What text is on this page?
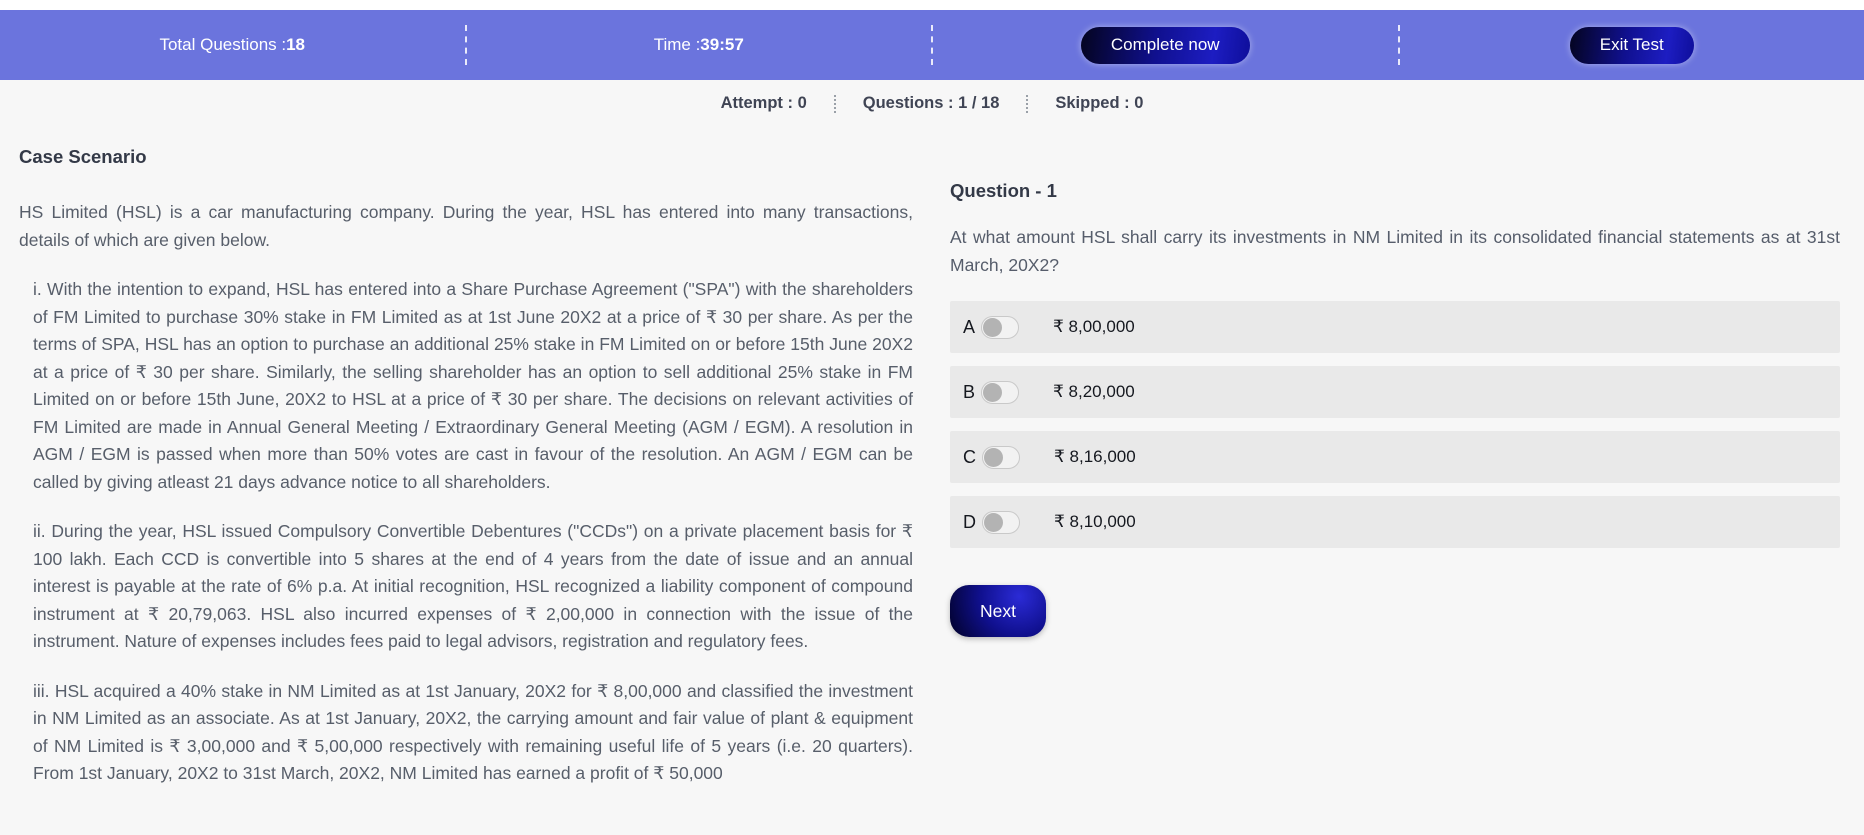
Total Questions : 18	Time : 39:57	Complete now	Exit Test
Attempt : 0	Questions : 1 / 18	Skipped : 0
Case Scenario

HS Limited (HSL) is a car manufacturing company. During the year, HSL has entered into many transactions, details of which are given below.

i. With the intention to expand, HSL has entered into a Share Purchase Agreement ("SPA") with the shareholders of FM Limited to purchase 30% stake in FM Limited as at 1st June 20X2 at a price of ₹ 30 per share. As per the terms of SPA, HSL has an option to purchase an additional 25% stake in FM Limited on or before 15th June 20X2 at a price of ₹ 30 per share. Similarly, the selling shareholder has an option to sell additional 25% stake in FM Limited on or before 15th June, 20X2 to HSL at a price of ₹ 30 per share. The decisions on relevant activities of FM Limited are made in Annual General Meeting / Extraordinary General Meeting (AGM / EGM). A resolution in AGM / EGM is passed when more than 50% votes are cast in favour of the resolution. An AGM / EGM can be called by giving atleast 21 days advance notice to all shareholders.

ii. During the year, HSL issued Compulsory Convertible Debentures ("CCDs") on a private placement basis for ₹ 100 lakh. Each CCD is convertible into 5 shares at the end of 4 years from the date of issue and an annual interest is payable at the rate of 6% p.a. At initial recognition, HSL recognized a liability component of compound instrument at ₹ 20,79,063. HSL also incurred expenses of ₹ 2,00,000 in connection with the issue of the instrument. Nature of expenses includes fees paid to legal advisors, registration and regulatory fees.

iii. HSL acquired a 40% stake in NM Limited as at 1st January, 20X2 for ₹ 8,00,000 and classified the investment in NM Limited as an associate. As at 1st January, 20X2, the carrying amount and fair value of plant & equipment of NM Limited is ₹ 3,00,000 and ₹ 5,00,000 respectively with remaining useful life of 5 years (i.e. 20 quarters). From 1st January, 20X2 to 31st March, 20X2, NM Limited has earned a profit of ₹ 50,000

Question - 1

At what amount HSL shall carry its investments in NM Limited in its consolidated financial statements as at 31st March, 20X2?

A	₹ 8,00,000
B	₹ 8,20,000
C	₹ 8,16,000
D	₹ 8,10,000
Next
